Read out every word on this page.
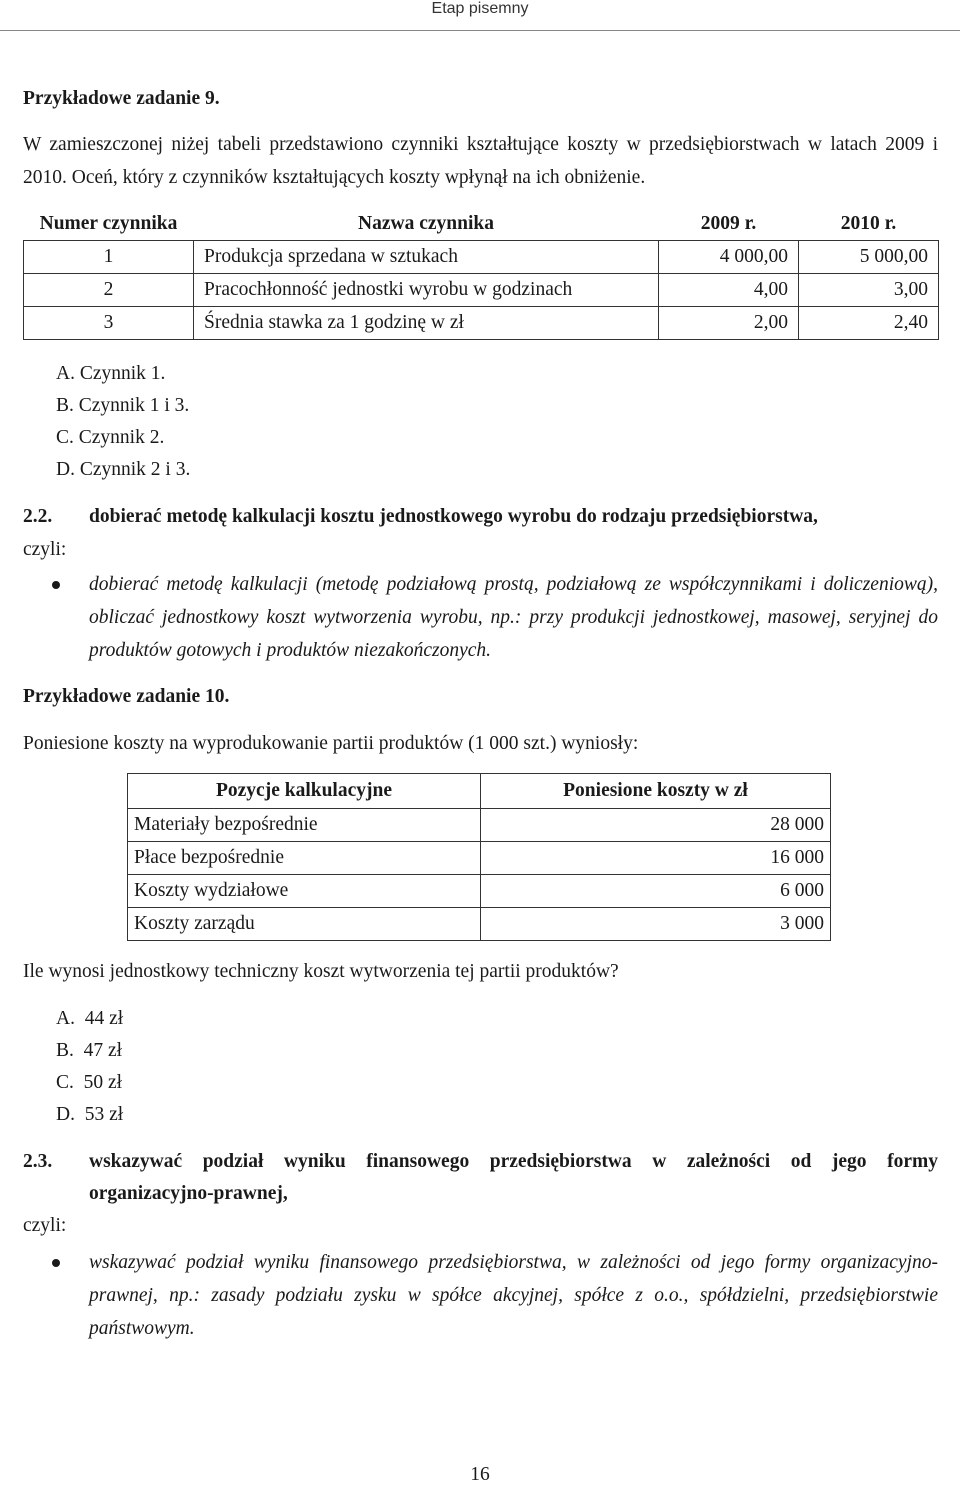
Etap pisemny
Przykładowe zadanie 9.
W zamieszczonej niżej tabeli przedstawiono czynniki kształtujące koszty w przedsiębiorstwach w latach 2009 i 2010. Oceń, który z czynników kształtujących koszty wpłynął na ich obniżenie.
Numer czynnika	Nazwa czynnika	2009 r.	2010 r.
1	Produkcja sprzedana w sztukach	4 000,00	5 000,00
2	Pracochłonność jednostki wyrobu w godzinach	4,00	3,00
3	Średnia stawka za 1 godzinę w zł	2,00	2,40
A. Czynnik 1.
B. Czynnik 1 i 3.
C. Czynnik 2.
D. Czynnik 2 i 3.
2.2. dobierać metodę kalkulacji kosztu jednostkowego wyrobu do rodzaju przedsiębiorstwa,
czyli:
dobierać metodę kalkulacji (metodę podziałową prostą, podziałową ze współczynnikami i doliczeniową), obliczać jednostkowy koszt wytworzenia wyrobu, np.: przy produkcji jednostkowej, masowej, seryjnej do produktów gotowych i produktów niezakończonych.
Przykładowe zadanie 10.
Poniesione koszty na wyprodukowanie partii produktów (1 000 szt.) wyniosły:
Pozycje kalkulacyjne	Poniesione koszty w zł
Materiały bezpośrednie	28 000
Płace bezpośrednie	16 000
Koszty wydziałowe	6 000
Koszty zarządu	3 000
Ile wynosi jednostkowy techniczny koszt wytworzenia tej partii produktów?
A. 44 zł
B. 47 zł
C. 50 zł
D. 53 zł
2.3. wskazywać podział wyniku finansowego przedsiębiorstwa w zależności od jego formy
organizacyjno-prawnej,
czyli:
wskazywać podział wyniku finansowego przedsiębiorstwa, w zależności od jego formy organizacyjno-prawnej, np.: zasady podziału zysku w spółce akcyjnej, spółce z o.o., spółdzielni, przedsiębiorstwie państwowym.
16
